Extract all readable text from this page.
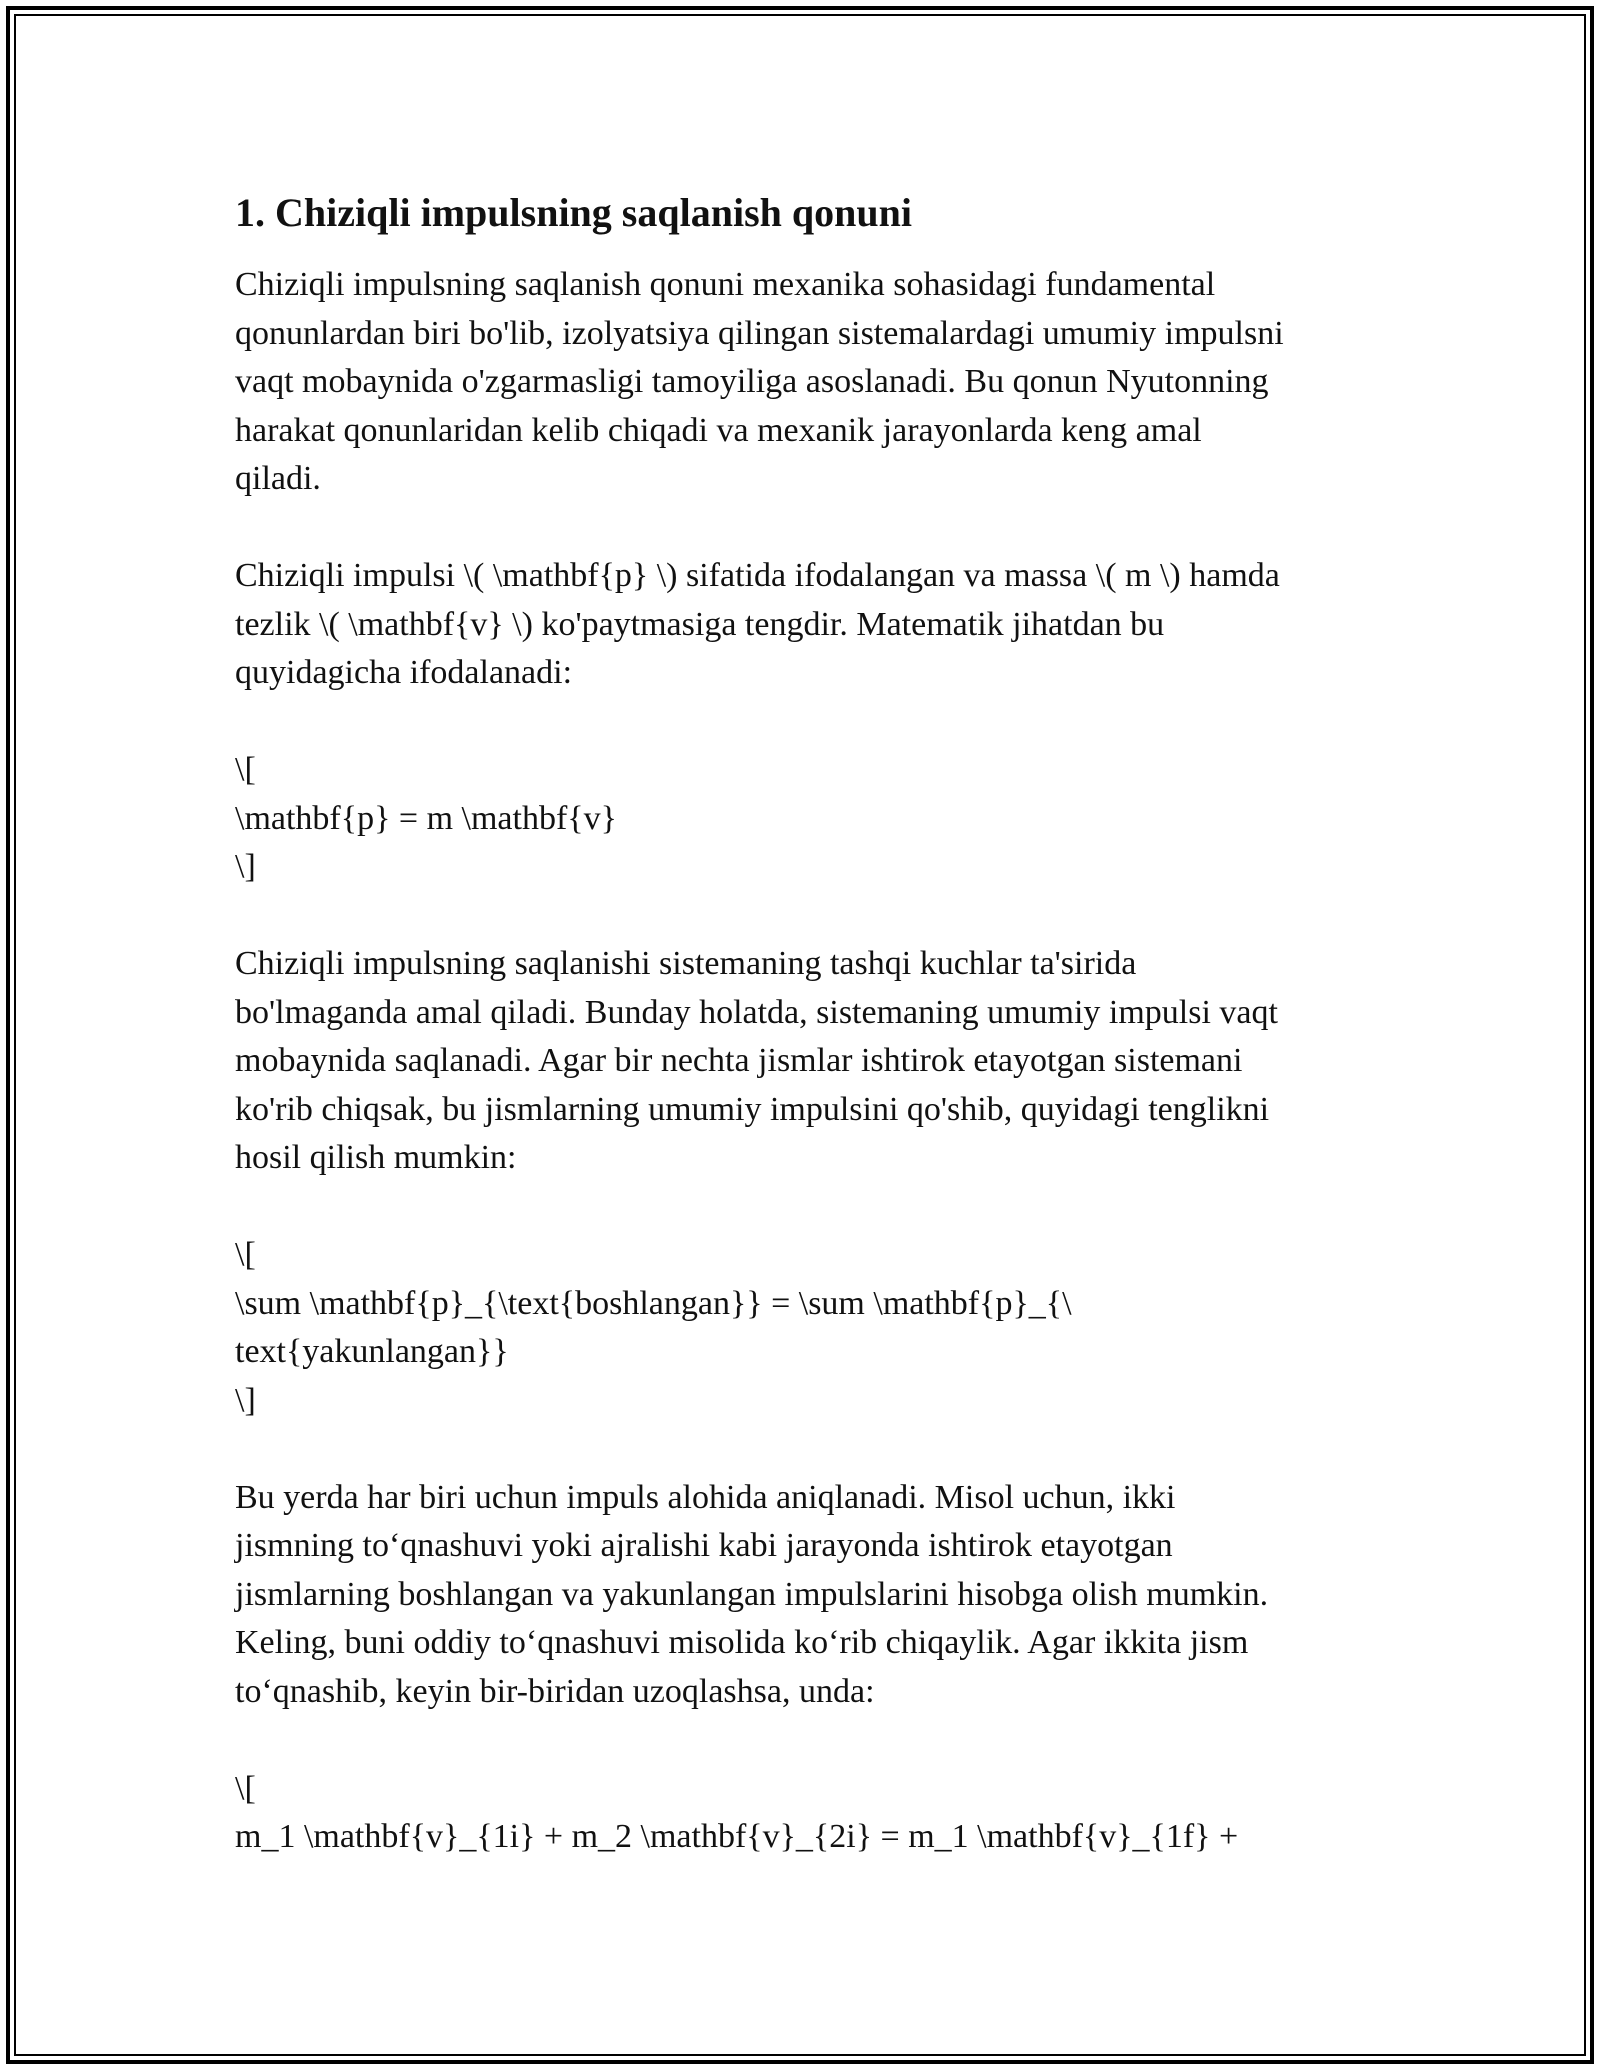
1. Chiziqli impulsning saqlanish qonuni
Chiziqli impulsning saqlanish qonuni mexanika sohasidagi fundamental
qonunlardan biri bo'lib, izolyatsiya qilingan sistemalardagi umumiy impulsni
vaqt mobaynida o'zgarmasligi tamoyiliga asoslanadi. Bu qonun Nyutonning
harakat qonunlaridan kelib chiqadi va mexanik jarayonlarda keng amal
qiladi.
Chiziqli impulsi \( \mathbf{p} \) sifatida ifodalangan va massa \( m \) hamda
tezlik \( \mathbf{v} \) ko'paytmasiga tengdir. Matematik jihatdan bu
quyidagicha ifodalanadi:
\[
\mathbf{p} = m \mathbf{v}
\]
Chiziqli impulsning saqlanishi sistemaning tashqi kuchlar ta'sirida
bo'lmaganda amal qiladi. Bunday holatda, sistemaning umumiy impulsi vaqt
mobaynida saqlanadi. Agar bir nechta jismlar ishtirok etayotgan sistemani
ko'rib chiqsak, bu jismlarning umumiy impulsini qo'shib, quyidagi tenglikni
hosil qilish mumkin:
\[
\sum \mathbf{p}_{\text{boshlangan}} = \sum \mathbf{p}_{\
text{yakunlangan}}
\]
Bu yerda har biri uchun impuls alohida aniqlanadi. Misol uchun, ikki
jismning to‘qnashuvi yoki ajralishi kabi jarayonda ishtirok etayotgan
jismlarning boshlangan va yakunlangan impulslarini hisobga olish mumkin.
Keling, buni oddiy to‘qnashuvi misolida ko‘rib chiqaylik. Agar ikkita jism
to‘qnashib, keyin bir-biridan uzoqlashsa, unda:
\[
m_1 \mathbf{v}_{1i} + m_2 \mathbf{v}_{2i} = m_1 \mathbf{v}_{1f} +
